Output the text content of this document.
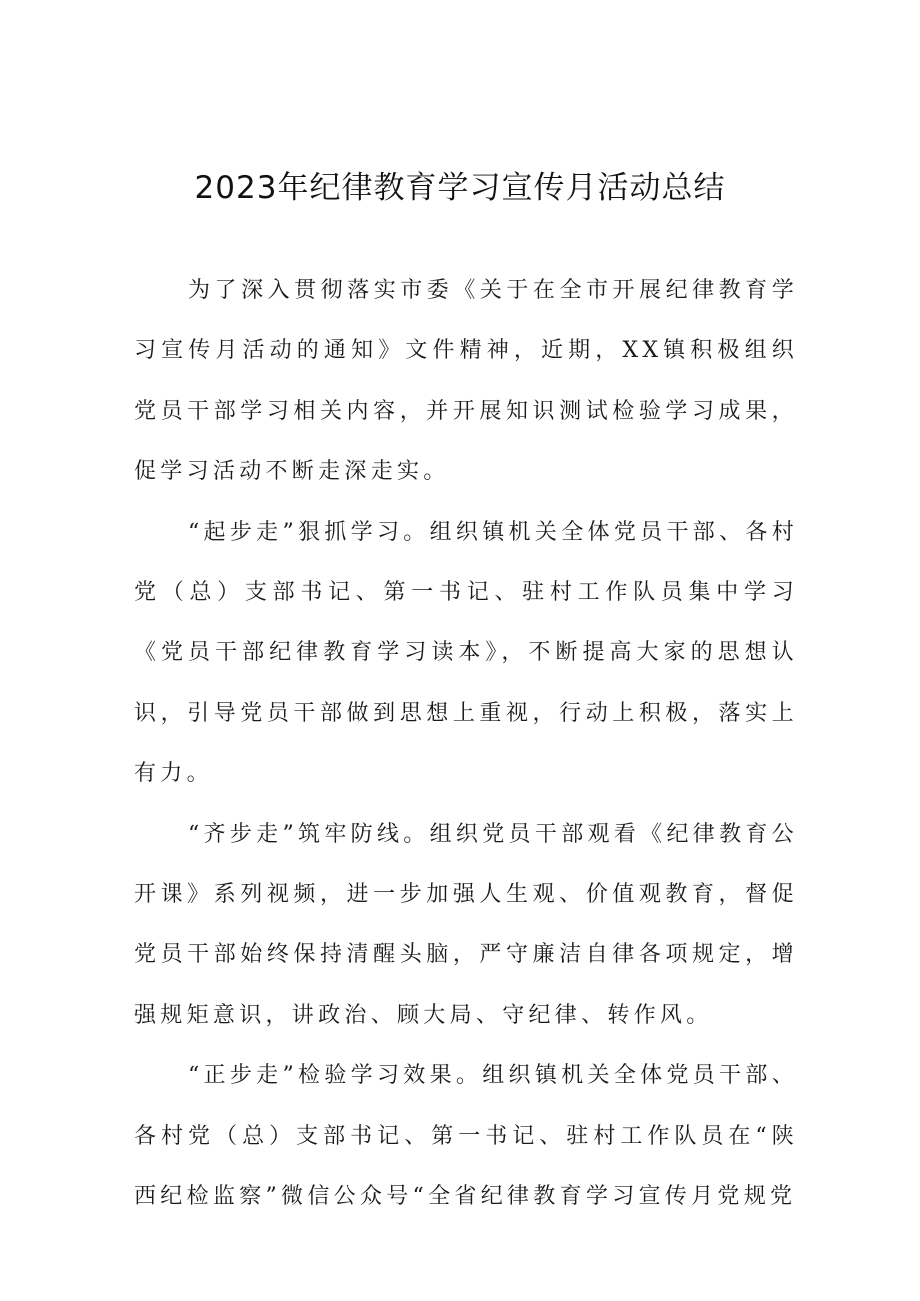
2023年纪律教育学习宣传月活动总结

为了深入贯彻落实市委《关于在全市开展纪律教育学习宣传月活动的通知》文件精神，近期，XX镇积极组织党员干部学习相关内容，并开展知识测试检验学习成果，促学习活动不断走深走实。

“起步走”狠抓学习。组织镇机关全体党员干部、各村党（总）支部书记、第一书记、驻村工作队员集中学习《党员干部纪律教育学习读本》，不断提高大家的思想认识，引导党员干部做到思想上重视，行动上积极，落实上有力。

“齐步走”筑牢防线。组织党员干部观看《纪律教育公开课》系列视频，进一步加强人生观、价值观教育，督促党员干部始终保持清醒头脑，严守廉洁自律各项规定，增强规矩意识，讲政治、顾大局、守纪律、转作风。

“正步走”检验学习效果。组织镇机关全体党员干部、各村党（总）支部书记、第一书记、驻村工作队员在“陕西纪检监察”微信公众号“全省纪律教育学习宣传月党规党
